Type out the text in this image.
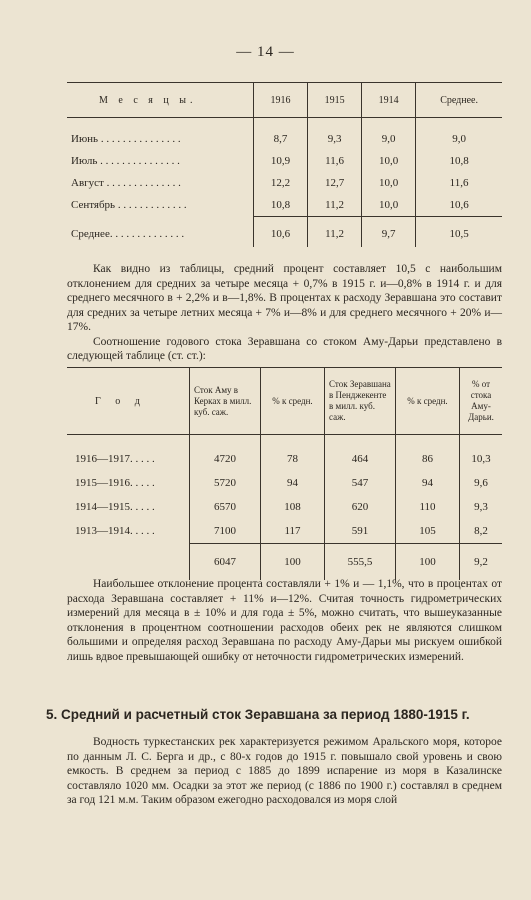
— 14 —
М е с я ц ы.	1916	1915	1914	Среднее.

Июнь . . . . . . . . . . . . . . .	8,7	9,3	9,0	9,0
Июль . . . . . . . . . . . . . . .	10,9	11,6	10,0	10,8
Август . . . . . . . . . . . . . .	12,2	12,7	10,0	11,6
Сентябрь . . . . . . . . . . . . .	10,8	11,2	10,0	10,6
Среднее. . . . . . . . . . . . . .	10,6	11,2	9,7	10,5

Как видно из таблицы, средний процент составляет 10,5 с наибольшим отклонением для средних за четыре месяца + 0,7% в 1915 г. и—0,8% в 1914 г. и для среднего месячного в + 2,2% и в—1,8%. В процентах к расходу Зеравшана это составит для средних за четыре летних месяца + 7% и—8% и для среднего месячного + 20% и—17%.

Соотношение годового стока Зеравшана со стоком Аму-Дарьи представлено в следующей таблице (ст. ст.):

Г о д	Сток Аму в Керках в милл. куб. саж.	% к средн.	Сток Зеравшана в Пенджекенте в милл. куб. саж.	% к средн.	% от стока Аму-Дарьи.

1916—1917. . . . .	4720	78	464	86	10,3
1915—1916. . . . .	5720	94	547	94	9,6
1914—1915. . . . .	6570	108	620	110	9,3
1913—1914. . . . .	7100	117	591	105	8,2
	6047	100	555,5	100	9,2

Наибольшее отклонение процента составляли + 1% и — 1,1%, что в процентах от расхода Зеравшана составляет + 11% и—12%. Считая точность гидрометрических измерений для месяца в ± 10% и для года ± 5%, можно считать, что вышеуказанные отклонения в процентном соотношении расходов обеих рек не являются слишком большими и определяя расход Зеравшана по расходу Аму-Дарьи мы рискуем ошибкой лишь вдвое превышающей ошибку от неточности гидрометрических измерений.

5. Средний и расчетный сток Зеравшана за период 1880-1915 г.

Водность туркестанских рек характеризуется режимом Аральского моря, которое по данным Л. С. Берга и др., с 80-х годов до 1915 г. повышало свой уровень и свою емкость. В среднем за период с 1885 до 1899 испарение из моря в Казалинске составляло 1020 мм. Осадки за этот же период (с 1886 по 1900 г.) составлял в среднем за год 121 м.м. Таким образом ежегодно расходовался из моря слой
